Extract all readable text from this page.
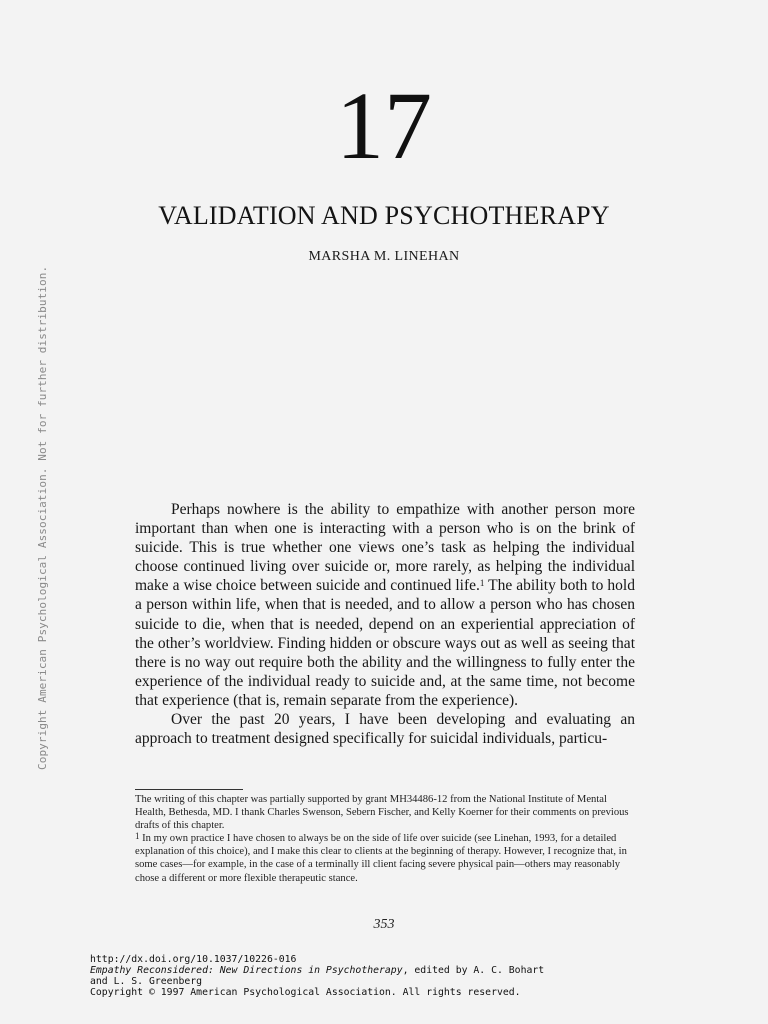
Copyright American Psychological Association. Not for further distribution.
17
VALIDATION AND PSYCHOTHERAPY
MARSHA M. LINEHAN

Perhaps nowhere is the ability to empathize with another person more important than when one is interacting with a person who is on the brink of suicide. This is true whether one views one’s task as helping the individual choose continued living over suicide or, more rarely, as helping the individual make a wise choice between suicide and continued life.$^1$ The ability both to hold a person within life, when that is needed, and to allow a person who has chosen suicide to die, when that is needed, depend on an experiential appreciation of the other’s worldview. Finding hidden or obscure ways out as well as seeing that there is no way out require both the ability and the willingness to fully enter the experience of the individual ready to suicide and, at the same time, not become that experience (that is, remain separate from the experience).

Over the past 20 years, I have been developing and evaluating an approach to treatment designed specifically for suicidal individuals, particu-

The writing of this chapter was partially supported by grant MH34486-12 from the National Institute of Mental Health, Bethesda, MD. I thank Charles Swenson, Sebern Fischer, and Kelly Koerner for their comments on previous drafts of this chapter.

$^1$ In my own practice I have chosen to always be on the side of life over suicide (see Linehan, 1993, for a detailed explanation of this choice), and I make this clear to clients at the beginning of therapy. However, I recognize that, in some cases—for example, in the case of a terminally ill client facing severe physical pain—others may reasonably chose a different or more flexible therapeutic stance.

353
http://dx.doi.org/10.1037/10226-016
Empathy Reconsidered: New Directions in Psychotherapy, edited by A. C. Bohart
and L. S. Greenberg
Copyright © 1997 American Psychological Association. All rights reserved.
